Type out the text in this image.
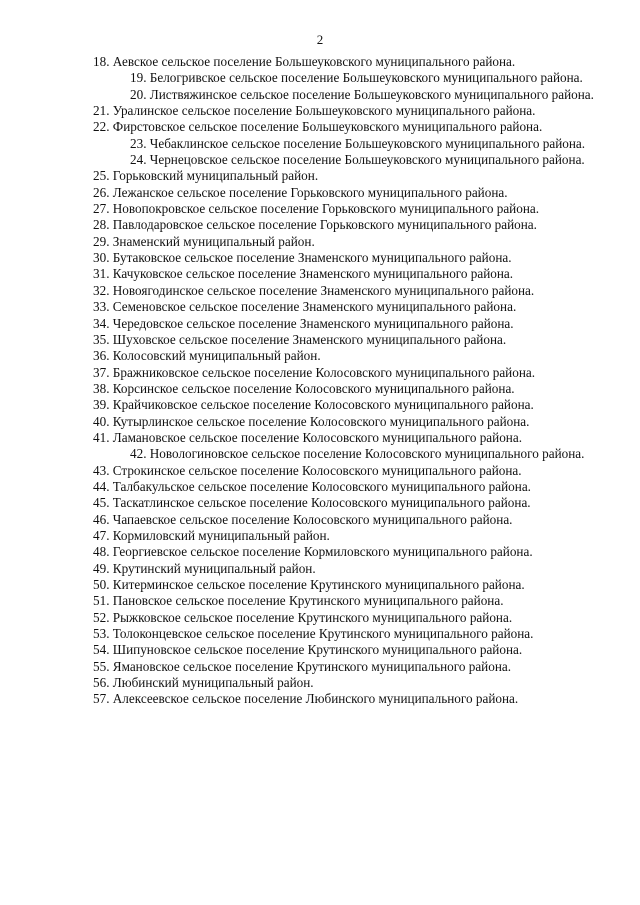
2

18. Аевское сельское поселение Большеуковского муниципального района.

19. Белогривское сельское поселение Большеуковского муниципального района.

20. Листвяжинское сельское поселение Большеуковского муниципального района.

21. Уралинское сельское поселение Большеуковского муниципального района.

22. Фирстовское сельское поселение Большеуковского муниципального района.

23. Чебаклинское сельское поселение Большеуковского муниципального района.

24. Чернецовское сельское поселение Большеуковского муниципального района.

25. Горьковский муниципальный район.

26. Лежанское сельское поселение Горьковского муниципального района.

27. Новопокровское сельское поселение Горьковского муниципального района.

28. Павлодаровское сельское поселение Горьковского муниципального района.

29. Знаменский муниципальный район.

30. Бутаковское сельское поселение Знаменского муниципального района.

31. Качуковское сельское поселение Знаменского муниципального района.

32. Новоягодинское сельское поселение Знаменского муниципального района.

33. Семеновское сельское поселение Знаменского муниципального района.

34. Чередовское сельское поселение Знаменского муниципального района.

35. Шуховское сельское поселение Знаменского муниципального района.

36. Колосовский муниципальный район.

37. Бражниковское сельское поселение Колосовского муниципального района.

38. Корсинское сельское поселение Колосовского муниципального района.

39. Крайчиковское сельское поселение Колосовского муниципального района.

40. Кутырлинское сельское поселение Колосовского муниципального района.

41. Ламановское сельское поселение Колосовского муниципального района.

42. Новологиновское сельское поселение Колосовского муниципального района.

43. Строкинское сельское поселение Колосовского муниципального района.

44. Талбакульское сельское поселение Колосовского муниципального района.

45. Таскатлинское сельское поселение Колосовского муниципального района.

46. Чапаевское сельское поселение Колосовского муниципального района.

47. Кормиловский муниципальный район.

48. Георгиевское сельское поселение Кормиловского муниципального района.

49. Крутинский муниципальный район.

50. Китерминское сельское поселение Крутинского муниципального района.

51. Пановское сельское поселение Крутинского муниципального района.

52. Рыжковское сельское поселение Крутинского муниципального района.

53. Толоконцевское сельское поселение Крутинского муниципального района.

54. Шипуновское сельское поселение Крутинского муниципального района.

55. Ямановское сельское поселение Крутинского муниципального района.

56. Любинский муниципальный район.

57. Алексеевское сельское поселение Любинского муниципального района.
